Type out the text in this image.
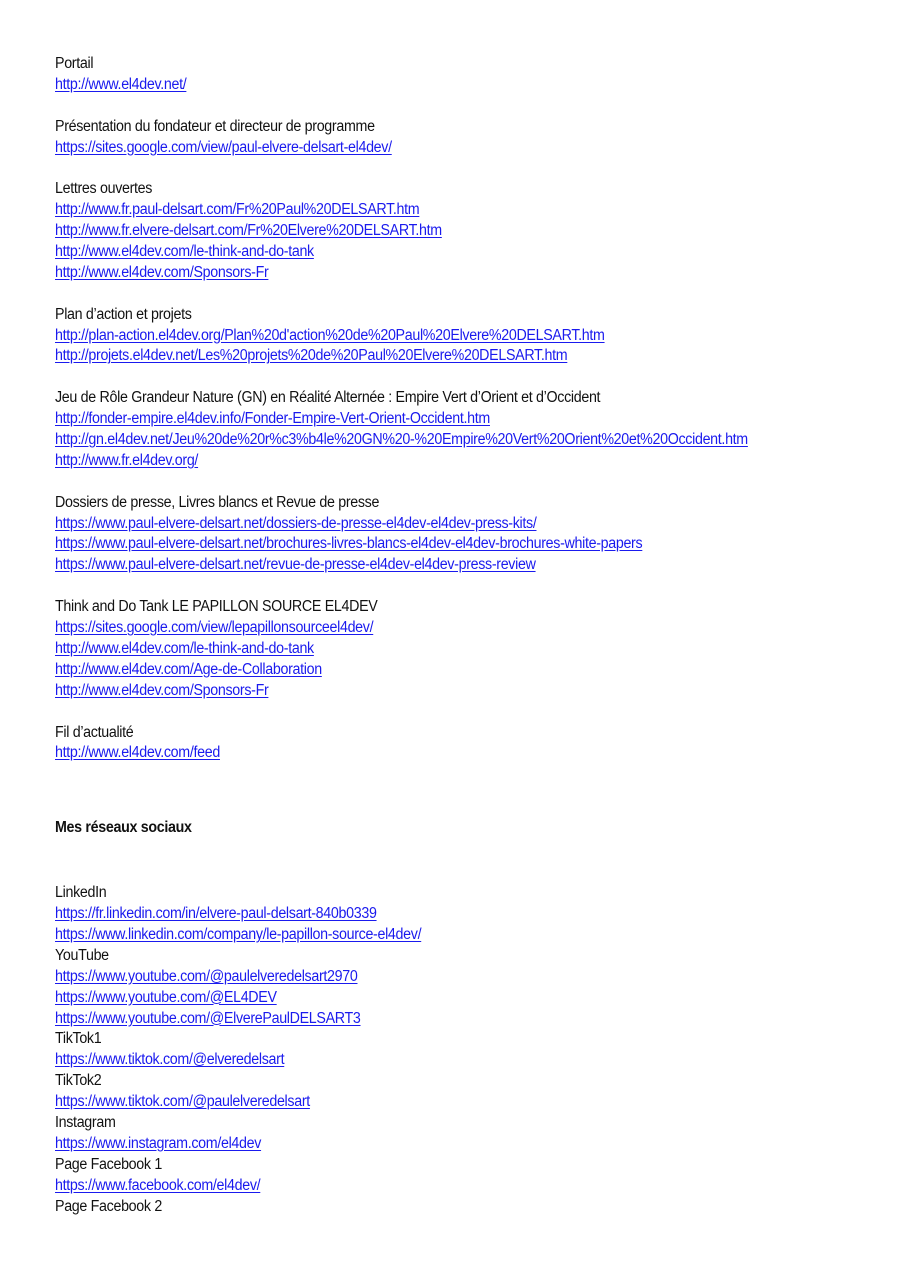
Portail
http://www.el4dev.net/
Présentation du fondateur et directeur de programme
https://sites.google.com/view/paul-elvere-delsart-el4dev/
Lettres ouvertes
http://www.fr.paul-delsart.com/Fr%20Paul%20DELSART.htm
http://www.fr.elvere-delsart.com/Fr%20Elvere%20DELSART.htm
http://www.el4dev.com/le-think-and-do-tank
http://www.el4dev.com/Sponsors-Fr
Plan d’action et projets
http://plan-action.el4dev.org/Plan%20d'action%20de%20Paul%20Elvere%20DELSART.htm
http://projets.el4dev.net/Les%20projets%20de%20Paul%20Elvere%20DELSART.htm
Jeu de Rôle Grandeur Nature (GN) en Réalité Alternée : Empire Vert d’Orient et d’Occident
http://fonder-empire.el4dev.info/Fonder-Empire-Vert-Orient-Occident.htm
http://gn.el4dev.net/Jeu%20de%20r%c3%b4le%20GN%20-%20Empire%20Vert%20Orient%20et%20Occident.htm
http://www.fr.el4dev.org/
Dossiers de presse, Livres blancs et Revue de presse
https://www.paul-elvere-delsart.net/dossiers-de-presse-el4dev-el4dev-press-kits/
https://www.paul-elvere-delsart.net/brochures-livres-blancs-el4dev-el4dev-brochures-white-papers
https://www.paul-elvere-delsart.net/revue-de-presse-el4dev-el4dev-press-review
Think and Do Tank LE PAPILLON SOURCE EL4DEV
https://sites.google.com/view/lepapillonsourceel4dev/
http://www.el4dev.com/le-think-and-do-tank
http://www.el4dev.com/Age-de-Collaboration
http://www.el4dev.com/Sponsors-Fr
Fil d’actualité
http://www.el4dev.com/feed
Mes réseaux sociaux
LinkedIn
https://fr.linkedin.com/in/elvere-paul-delsart-840b0339
https://www.linkedin.com/company/le-papillon-source-el4dev/
YouTube
https://www.youtube.com/@paulelveredelsart2970
https://www.youtube.com/@EL4DEV
https://www.youtube.com/@ElverePaulDELSART3
TikTok1
https://www.tiktok.com/@elveredelsart
TikTok2
https://www.tiktok.com/@paulelveredelsart
Instagram
https://www.instagram.com/el4dev
Page Facebook 1
https://www.facebook.com/el4dev/
Page Facebook 2
